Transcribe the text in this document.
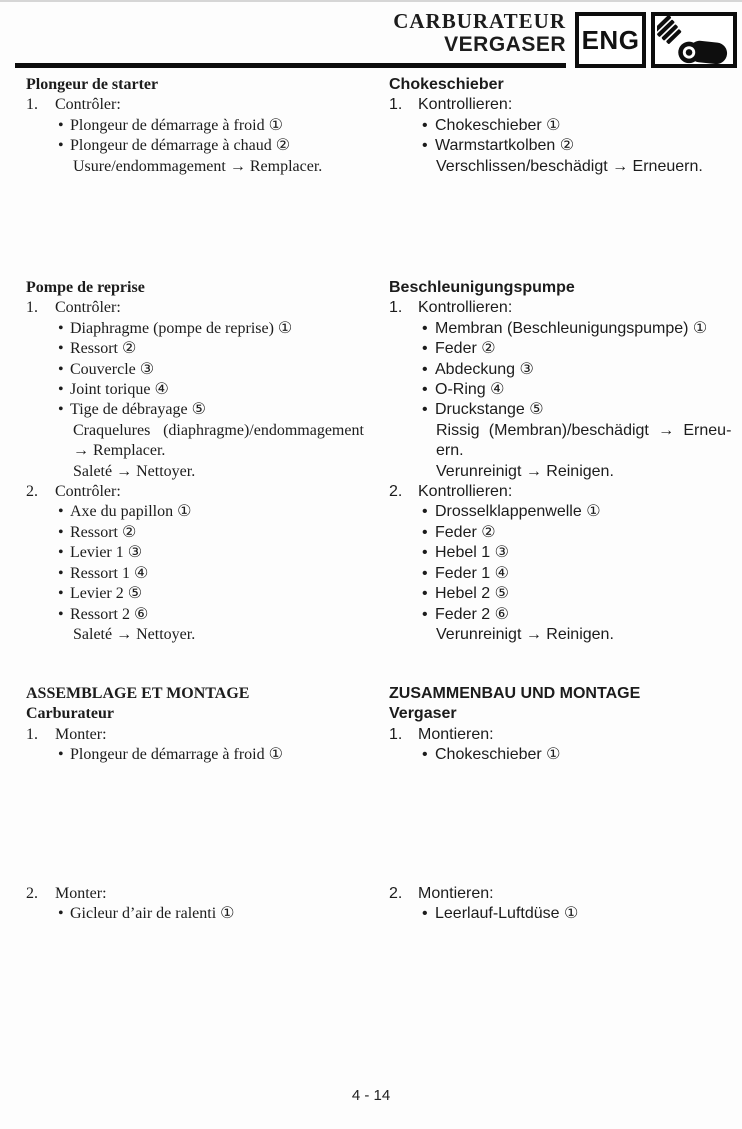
CARBURATEUR
VERGASER ENG

Plongeur de starter

1.	Contrôler:
• Plongeur de démarrage à froid ①
• Plongeur de démarrage à chaud ②

Usure/endommagement → Remplacer.

Chokeschieber

1. Kontrollieren:
• Chokeschieber ①
• Warmstartkolben ②

Verschlissen/beschädigt → Erneuern.

Pompe de reprise

1.	Contrôler:
• Diaphragme (pompe de reprise) ①
• Ressort ②
• Couvercle ③
• Joint torique ④
• Tige de débrayage ⑤

Craquelures (diaphragme)/endommagement

→ Remplacer.

Saleté → Nettoyer.

2.	Contrôler:
• Axe du papillon ①
• Ressort ②
• Levier 1 ③
• Ressort 1 ④
• Levier 2 ⑤
• Ressort 2 ⑥

Saleté → Nettoyer.

Beschleunigungspumpe

1. Kontrollieren:
• Membran (Beschleunigungspumpe) ①
• Feder ②
• Abdeckung ③
• O-Ring ④
• Druckstange ⑤

Rissig (Membran)/beschädigt → Erneu-

ern.

Verunreinigt → Reinigen.

2. Kontrollieren:
• Drosselklappenwelle ①
• Feder ②
• Hebel 1 ③
• Feder 1 ④
• Hebel 2 ⑤
• Feder 2 ⑥

Verunreinigt → Reinigen.

ASSEMBLAGE ET MONTAGE

Carburateur

1.	Monter:
• Plongeur de démarrage à froid ①

ZUSAMMENBAU UND MONTAGE

Vergaser

1. Montieren:
• Chokeschieber ①
2.	Monter:
• Gicleur d’air de ralenti ①
2. Montieren:
• Leerlauf-Luftdüse ①
4 - 14
